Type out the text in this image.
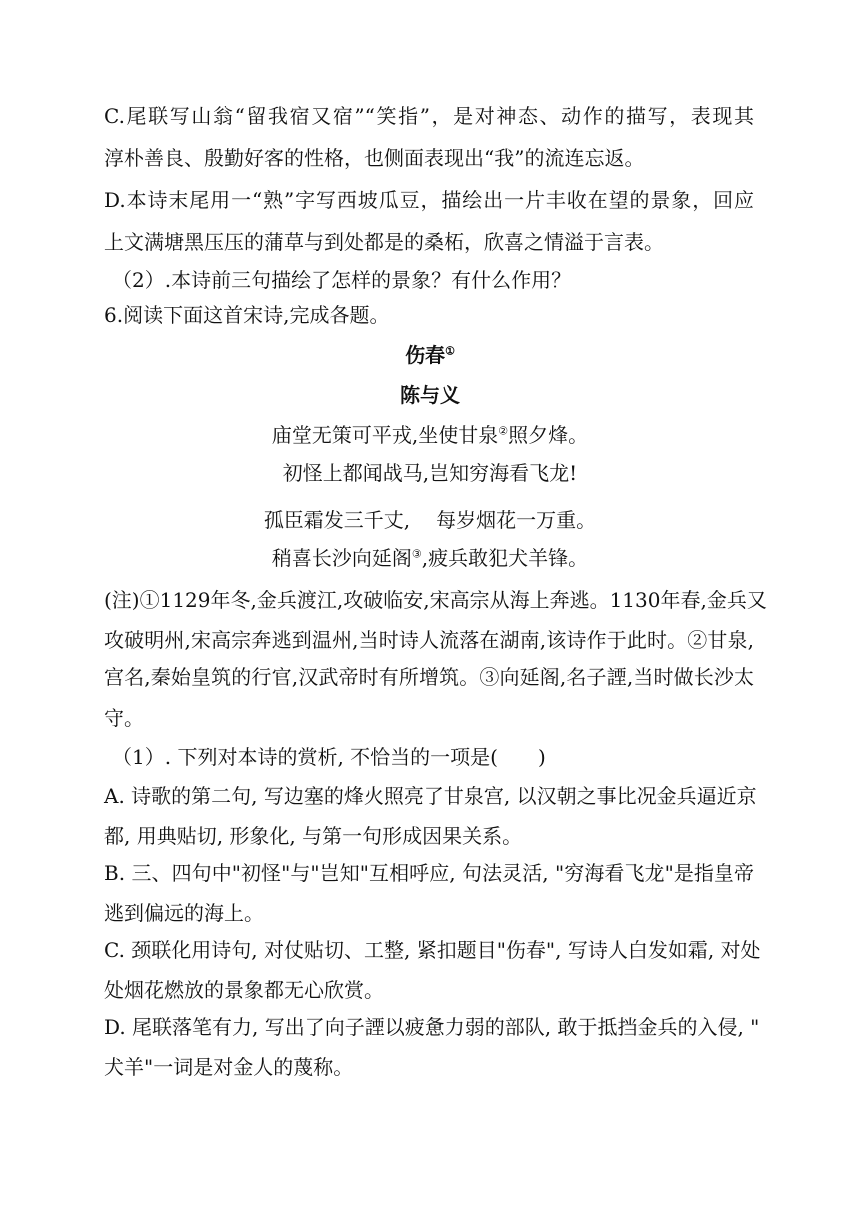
C.尾联写山翁“留我宿又宿”“笑指”，是对神态、动作的描写，表现其
淳朴善良、殷勤好客的性格，也侧面表现出“我”的流连忘返。
D.本诗末尾用一“熟”字写西坡瓜豆，描绘出一片丰收在望的景象，回应
上文满塘黑压压的蒲草与到处都是的桑柘，欣喜之情溢于言表。
（2）.本诗前三句描绘了怎样的景象？有什么作用？
6.阅读下面这首宋诗,完成各题。
伤春①
陈与义
庙堂无策可平戎,坐使甘泉②照夕烽。
初怪上都闻战马,岂知穷海看飞龙!
孤臣霜发三千丈, 每岁烟花一万重。
稍喜长沙向延阁③,疲兵敢犯犬羊锋。
(注)①1129年冬,金兵渡江,攻破临安,宋高宗从海上奔逃。1130年春,金兵又
攻破明州,宋高宗奔逃到温州,当时诗人流落在湖南,该诗作于此时。②甘泉,
宫名,秦始皇筑的行官,汉武帝时有所增筑。③向延阁,名子諲,当时做长沙太
守。
（1）. 下列对本诗的赏析, 不恰当的一项是(　　)
A. 诗歌的第二句, 写边塞的烽火照亮了甘泉宫, 以汉朝之事比况金兵逼近京
都, 用典贴切, 形象化, 与第一句形成因果关系。
B. 三、四句中"初怪"与"岂知"互相呼应, 句法灵活, "穷海看飞龙"是指皇帝
逃到偏远的海上。
C. 颈联化用诗句, 对仗贴切、工整, 紧扣题目"伤春", 写诗人白发如霜, 对处
处烟花燃放的景象都无心欣赏。
D. 尾联落笔有力, 写出了向子諲以疲惫力弱的部队, 敢于抵挡金兵的入侵, "
犬羊"一词是对金人的蔑称。
